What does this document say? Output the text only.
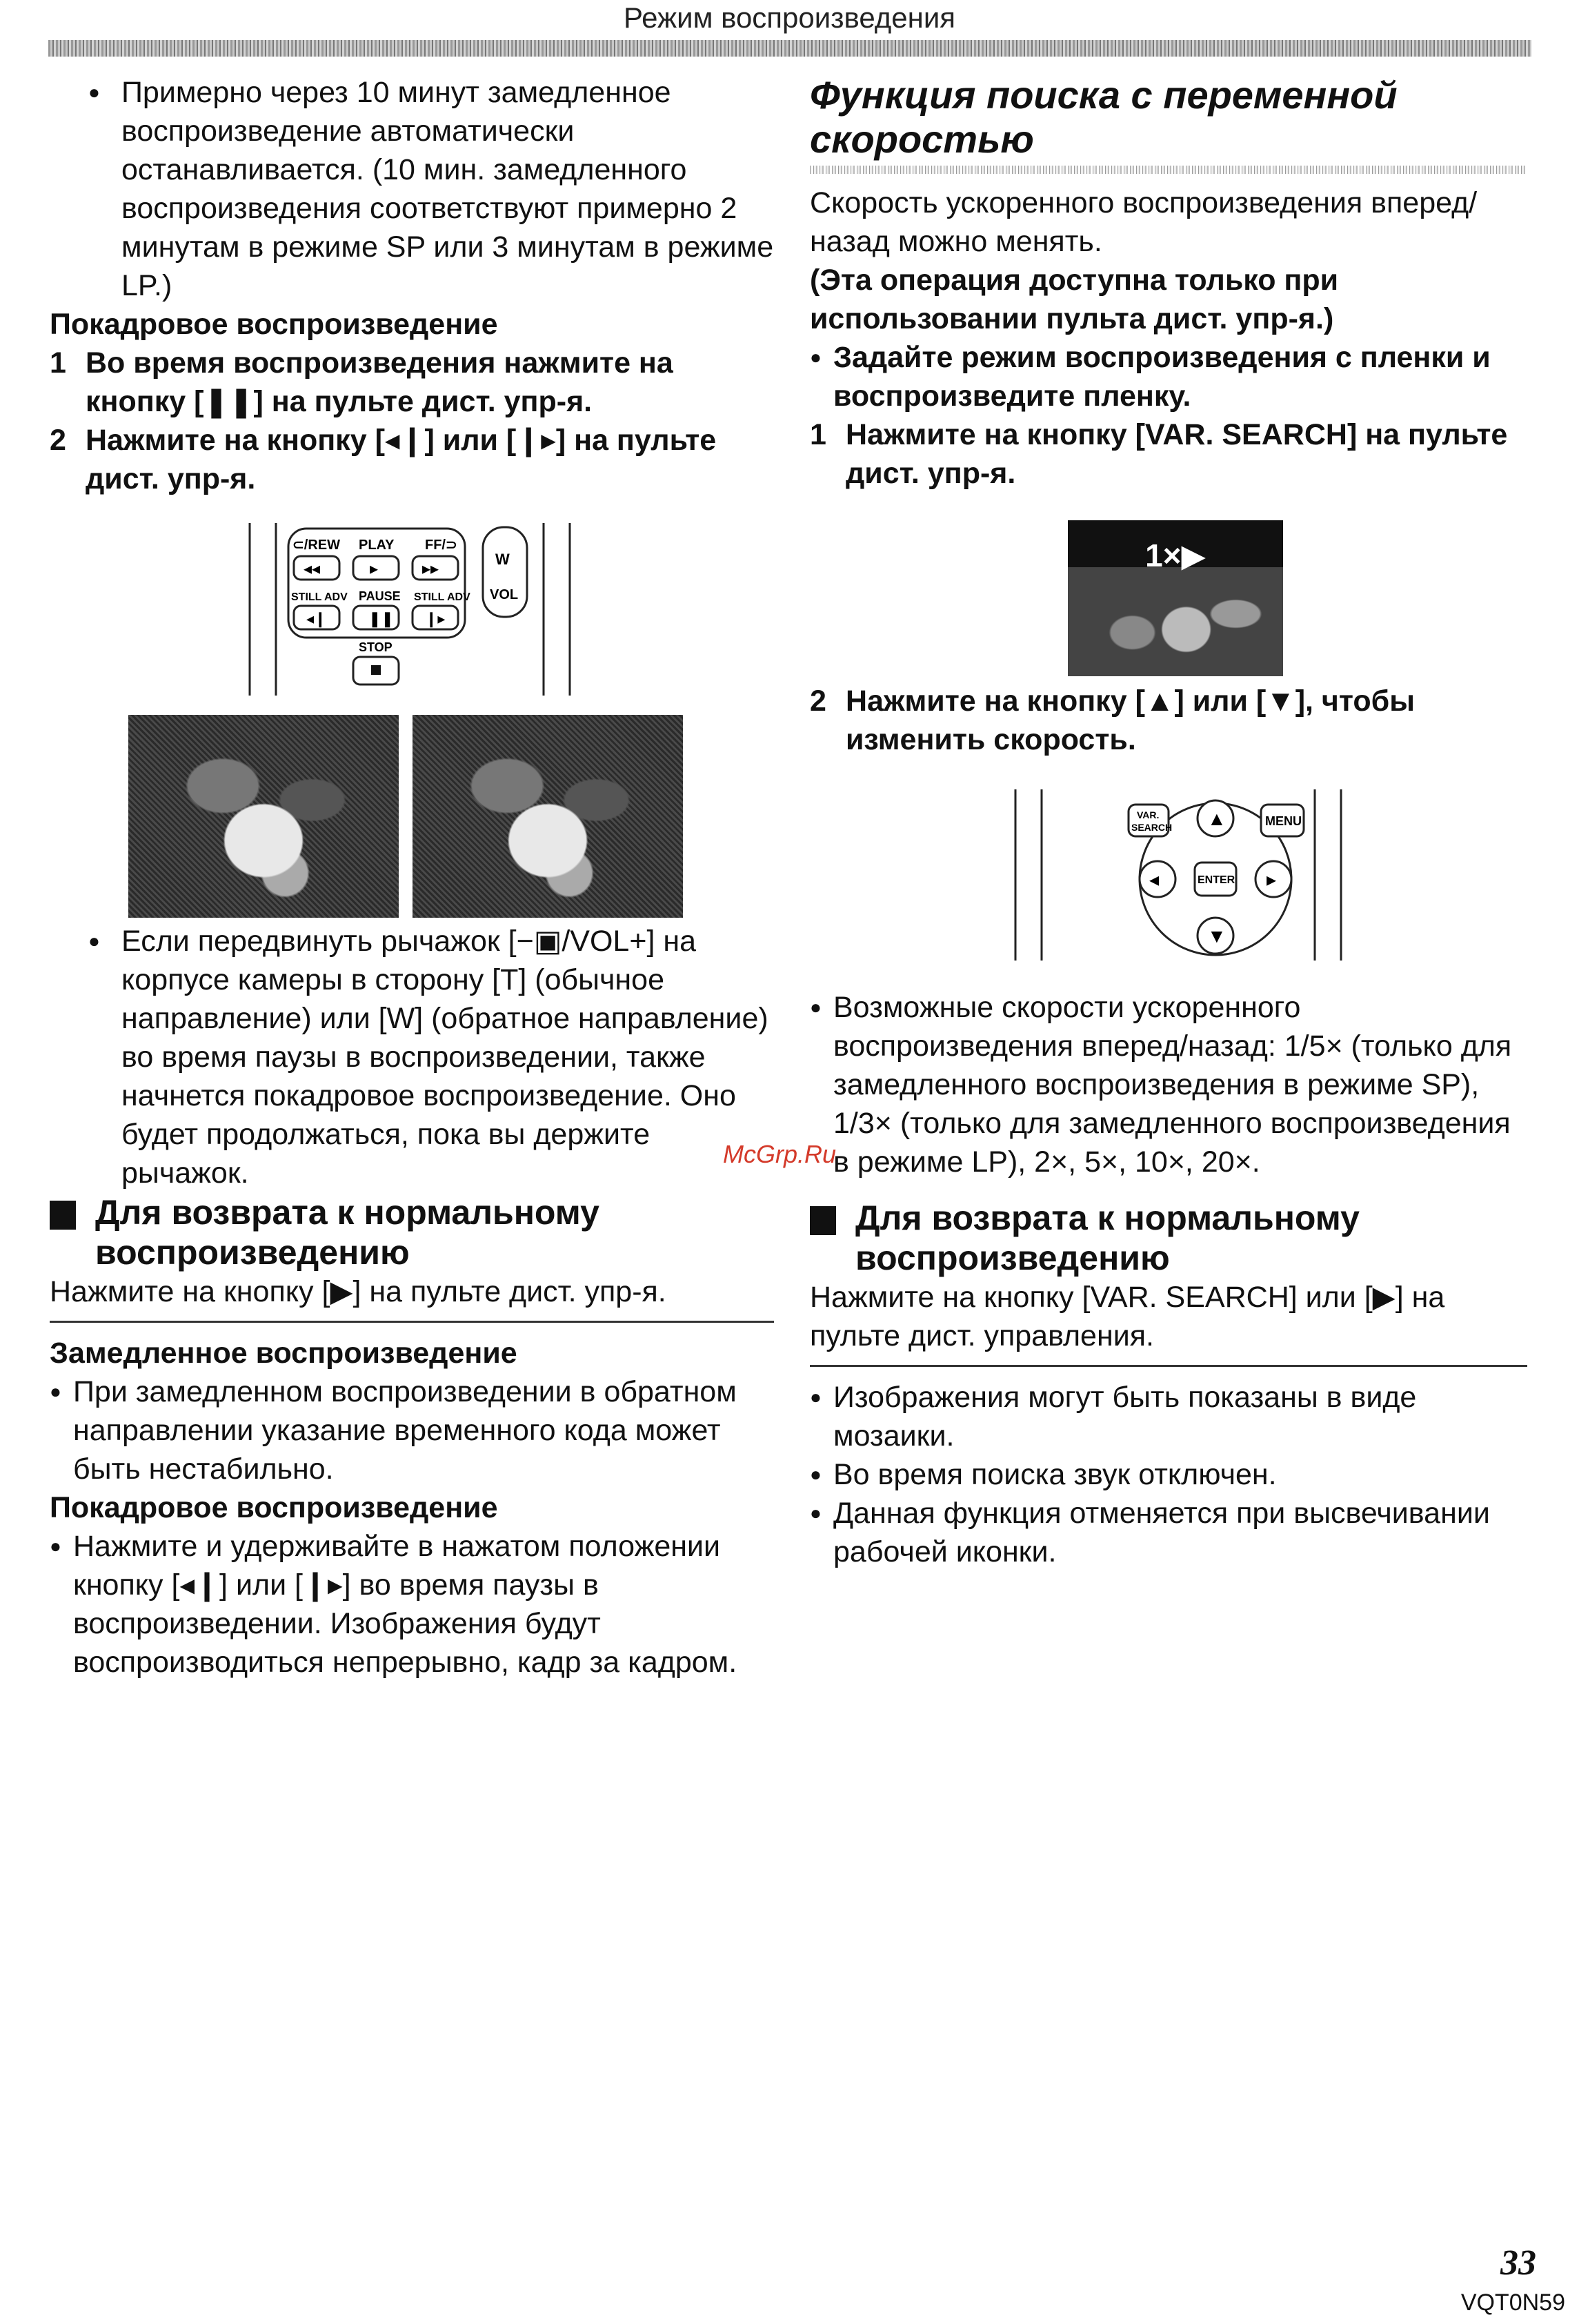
Режим воспроизведения

● Примерно через 10 минут замедленное воспроизведение автоматически останавливается. (10 мин. замедленного воспроизведения соответствуют примерно 2 минутам в режиме SP или 3 минутам в режиме LP.)

Покадровое воспроизведение

1 Во время воспроизведения нажмите на кнопку [❚❚] на пульте дист. упр-я.

2 Нажмите на кнопку [◂❙] или [❙▸] на пульте дист. упр-я.

⊂/REW PLAY FF/⊃
◂◂	▸	▸▸
STILL ADV PAUSE STILL ADV
◂❙	❚❚ ❙▸
STOP
W
VOL

● Если передвинуть рычажок [−▣/VOL+] на корпусе камеры в сторону [T] (обычное направление) или [W] (обратное направление) во время паузы в воспроизведении, также начнется покадровое воспроизведение. Оно будет продолжаться, пока вы держите рычажок.

Для возврата к нормальному воспроизведению

Нажмите на кнопку [▶] на пульте дист. упр-я.

Замедленное воспроизведение

● При замедленном воспроизведении в обратном направлении указание временного кода может быть нестабильно.

Покадровое воспроизведение

● Нажмите и удерживайте в нажатом положении кнопку [◂❙] или [❙▸] во время паузы в воспроизведении. Изображения будут воспроизводиться непрерывно, кадр за кадром.

Функция поиска с переменной скоростью

Скорость ускоренного воспроизведения вперед/назад можно менять.

(Эта операция доступна только при использовании пульта дист. упр-я.)

● Задайте режим воспроизведения с пленки и воспроизведите пленку.

1 Нажмите на кнопку [VAR. SEARCH] на пульте дист. упр-я.

1×▶

2 Нажмите на кнопку [▲] или [▼], чтобы изменить скорость.

VAR.
SEARCH ▲	MENU
◂	ENTER ▸
▼

● Возможные скорости ускоренного воспроизведения вперед/назад: 1/5× (только для замедленного воспроизведения в режиме SP), 1/3× (только для замедленного воспроизведения в режиме LP), 2×, 5×, 10×, 20×.

Для возврата к нормальному воспроизведению

Нажмите на кнопку [VAR. SEARCH] или [▶] на пульте дист. управления.

● Изображения могут быть показаны в виде мозаики.

● Во время поиска звук отключен.

● Данная функция отменяется при высвечивании рабочей иконки.

McGrp.Ru
33
VQT0N59
